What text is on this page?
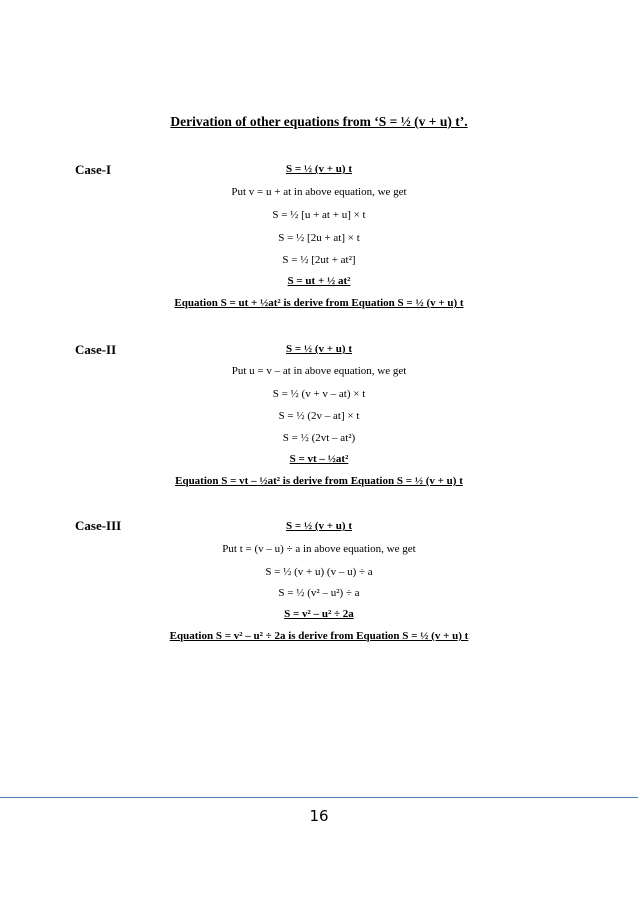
Derivation of other equations from ‘S = ½ (v + u) t’.
Case-I	S = ½ (v + u) t
Put v = u + at in above equation, we get
S = ½ [u + at + u] × t
S = ½ [2u + at] × t
S = ½ [2ut + at²]
S = ut + ½ at²
Equation S = ut + ½at² is derive from Equation S = ½ (v + u) t
Case-II	S = ½ (v + u) t
Put u = v – at in above equation, we get
S = ½ (v + v – at) × t
S = ½ (2v – at] × t
S = ½ (2vt – at²)
S = vt – ½at²
Equation S = vt – ½at² is derive from Equation S = ½ (v + u) t
Case-III	S = ½ (v + u) t
Put t = (v – u) ÷ a in above equation, we get
S = ½ (v + u) (v – u) ÷ a
S = ½ (v² – u²) ÷ a
S = v² – u² ÷ 2a
Equation S = v² – u² ÷ 2a is derive from Equation S = ½ (v + u) t
16
